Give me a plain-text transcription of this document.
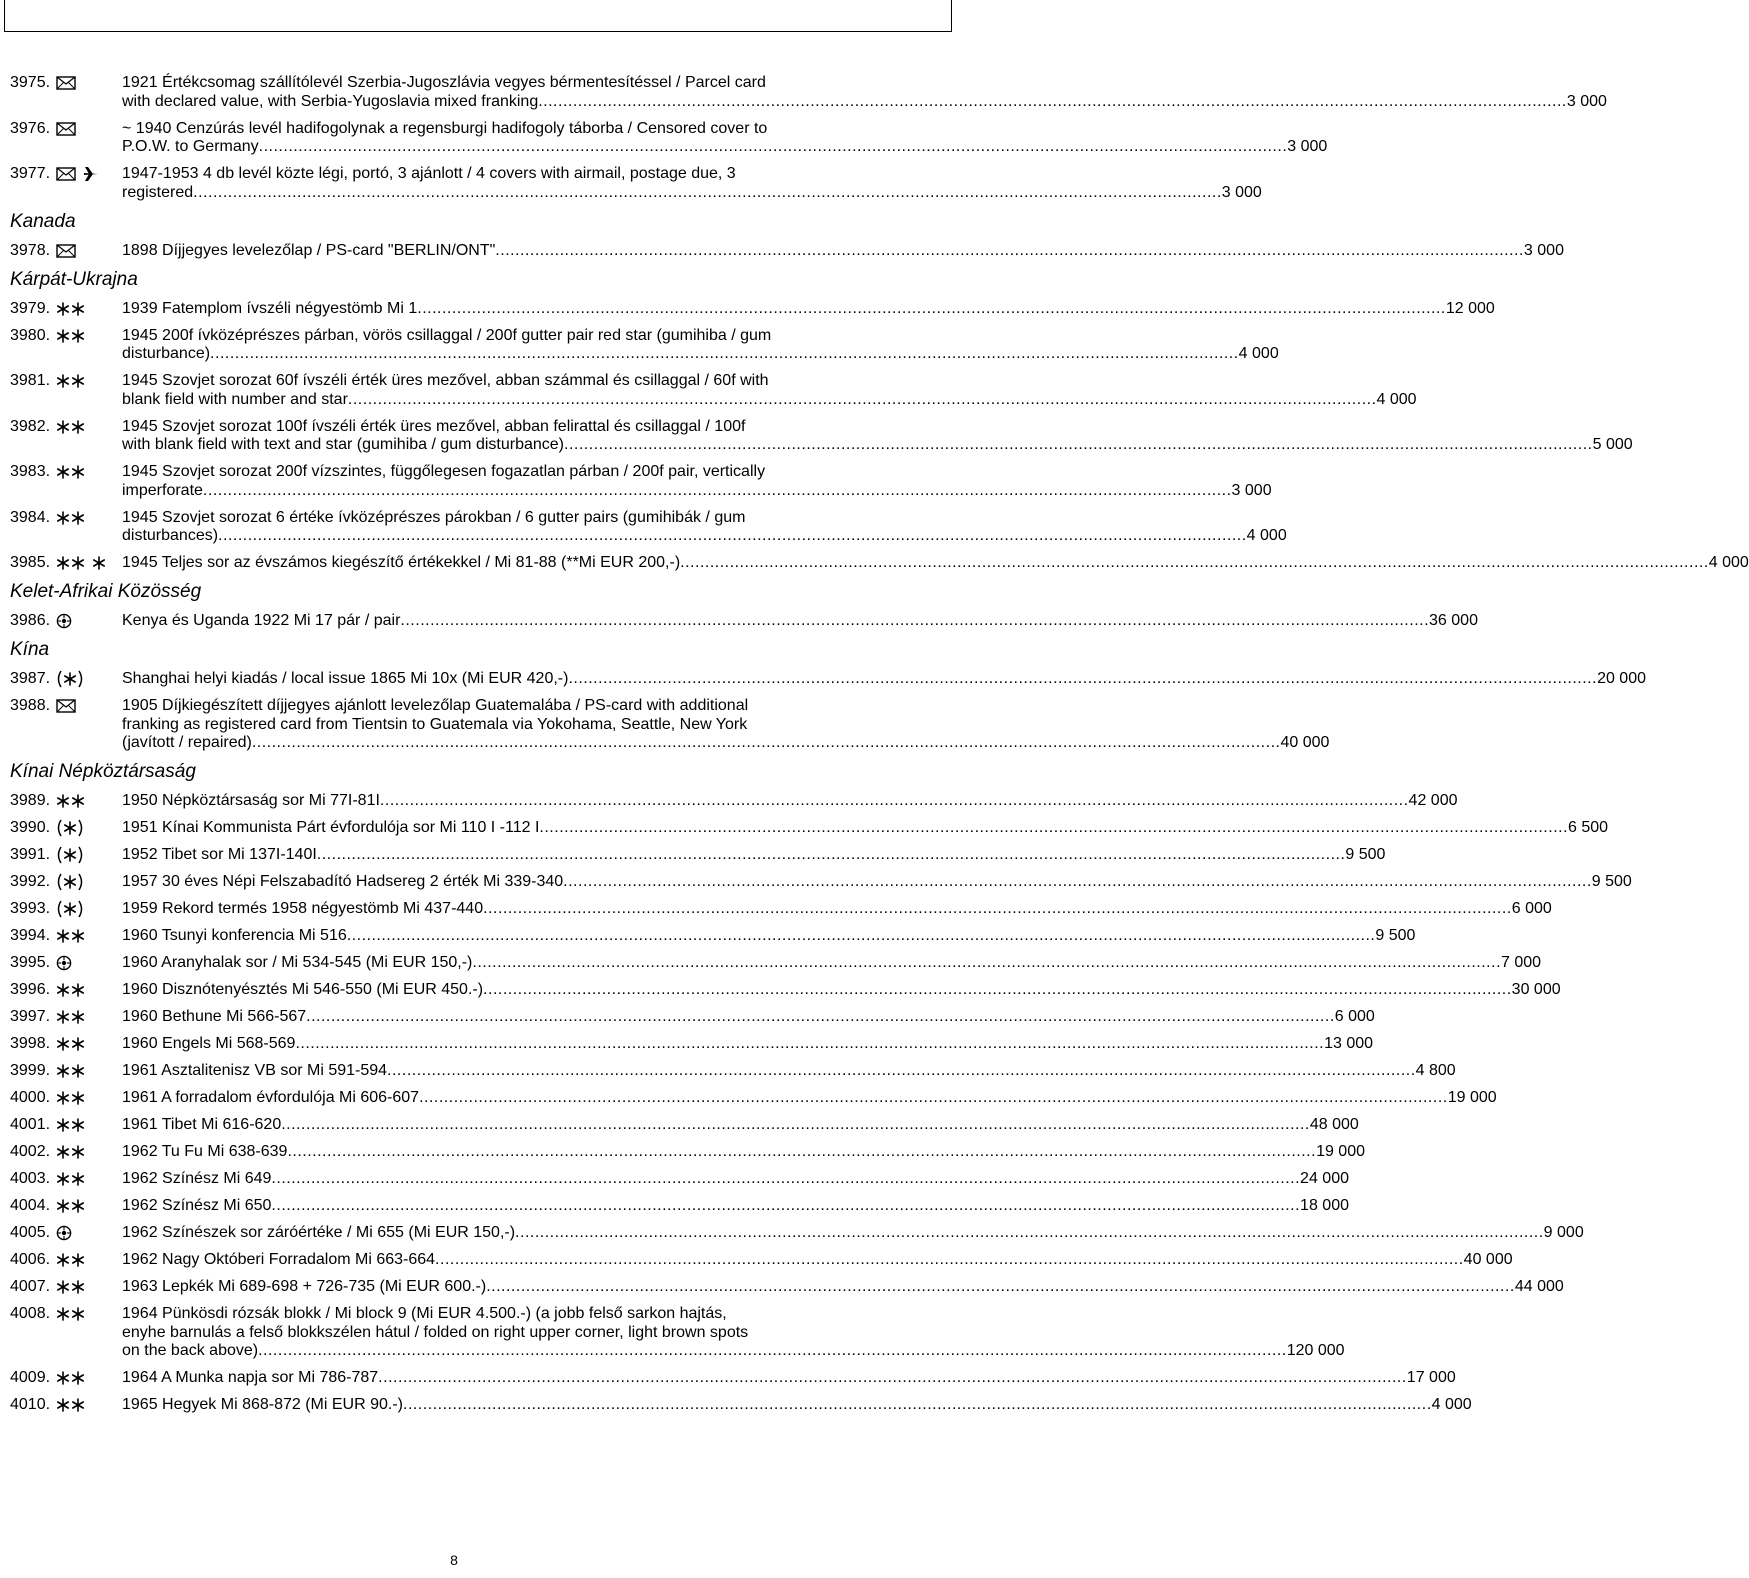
3975.	1921 Értékcsomag szállítólevél Szerbia-Jugoszlávia vegyes bérmentesítéssel / Parcel card
with declared value, with Serbia-Yugoslavia mixed franking .....	3 000
3976.	~ 1940 Cenzúrás levél hadifogolynak a regensburgi hadifogoly táborba / Censored cover to
P.O.W. to Germany .....	3 000
3977.	1947-1953 4 db levél közte légi, portó, 3 ajánlott / 4 covers with airmail, postage due, 3
registered .....	3 000
Kanada
3978.	1898 Díjjegyes levelezőlap / PS-card "BERLIN/ONT" .....	3 000
Kárpát-Ukrajna
3979.	1939 Fatemplom ívszéli négyestömb Mi 1 .....	12 000
3980.	1945 200f ívközéprészes párban, vörös csillaggal / 200f gutter pair red star (gumihiba / gum
disturbance) .....	4 000
3981.	1945 Szovjet sorozat 60f ívszéli érték üres mezővel, abban számmal és csillaggal / 60f with
blank field with number and star .....	4 000
3982.	1945 Szovjet sorozat 100f ívszéli érték üres mezővel, abban felirattal és csillaggal / 100f
with blank field with text and star (gumihiba / gum disturbance) .....	5 000
3983.	1945 Szovjet sorozat 200f vízszintes, függőlegesen fogazatlan párban / 200f pair, vertically
imperforate .....	3 000
3984.	1945 Szovjet sorozat 6 értéke ívközéprészes párokban / 6 gutter pairs (gumihibák / gum
disturbances) .....	4 000
3985.	1945 Teljes sor az évszámos kiegészítő értékekkel / Mi 81-88 (**Mi EUR 200,-) .....	4 000
Kelet-Afrikai Közösség
3986.	Kenya és Uganda 1922 Mi 17 pár / pair .....	36 000
Kína
3987.	Shanghai helyi kiadás / local issue 1865 Mi 10x (Mi EUR 420,-) .....	20 000
3988.	1905 Díjkiegészített díjjegyes ajánlott levelezőlap Guatemalába / PS-card with additional
franking as registered card from Tientsin to Guatemala via Yokohama, Seattle, New York
(javított / repaired) .....	40 000
Kínai Népköztársaság
3989.	1950 Népköztársaság sor Mi 77I-81I .....	42 000
3990.	1951 Kínai Kommunista Párt évfordulója sor Mi 110 I -112 I .....	6 500
3991.	1952 Tibet sor Mi 137I-140I .....	9 500
3992.	1957 30 éves Népi Felszabadító Hadsereg 2 érték Mi 339-340 .....	9 500
3993.	1959 Rekord termés 1958 négyestömb Mi 437-440 .....	6 000
3994.	1960 Tsunyi konferencia Mi 516 .....	9 500
3995.	1960 Aranyhalak sor / Mi 534-545 (Mi EUR 150,-) .....	7 000
3996.	1960 Disznótenyésztés Mi 546-550 (Mi EUR 450.-) .....	30 000
3997.	1960 Bethune Mi 566-567 .....	6 000
3998.	1960 Engels Mi 568-569 .....	13 000
3999.	1961 Asztalitenisz VB sor Mi 591-594 .....	4 800
4000.	1961 A forradalom évfordulója Mi 606-607 .....	19 000
4001.	1961 Tibet Mi 616-620 .....	48 000
4002.	1962 Tu Fu Mi 638-639 .....	19 000
4003.	1962 Színész Mi 649 .....	24 000
4004.	1962 Színész Mi 650 .....	18 000
4005.	1962 Színészek sor záróértéke / Mi 655 (Mi EUR 150,-) .....	9 000
4006.	1962 Nagy Októberi Forradalom Mi 663-664 .....	40 000
4007.	1963 Lepkék Mi 689-698 + 726-735 (Mi EUR 600.-) .....	44 000
4008.	1964 Pünkösdi rózsák blokk / Mi block 9 (Mi EUR 4.500.-) (a jobb felső sarkon hajtás,
enyhe barnulás a felső blokkszélen hátul / folded on right upper corner, light brown spots
on the back above) .....	120 000
4009.	1964 A Munka napja sor Mi 786-787 .....	17 000
4010.	1965 Hegyek Mi 868-872 (Mi EUR 90.-) .....	4 000
8
